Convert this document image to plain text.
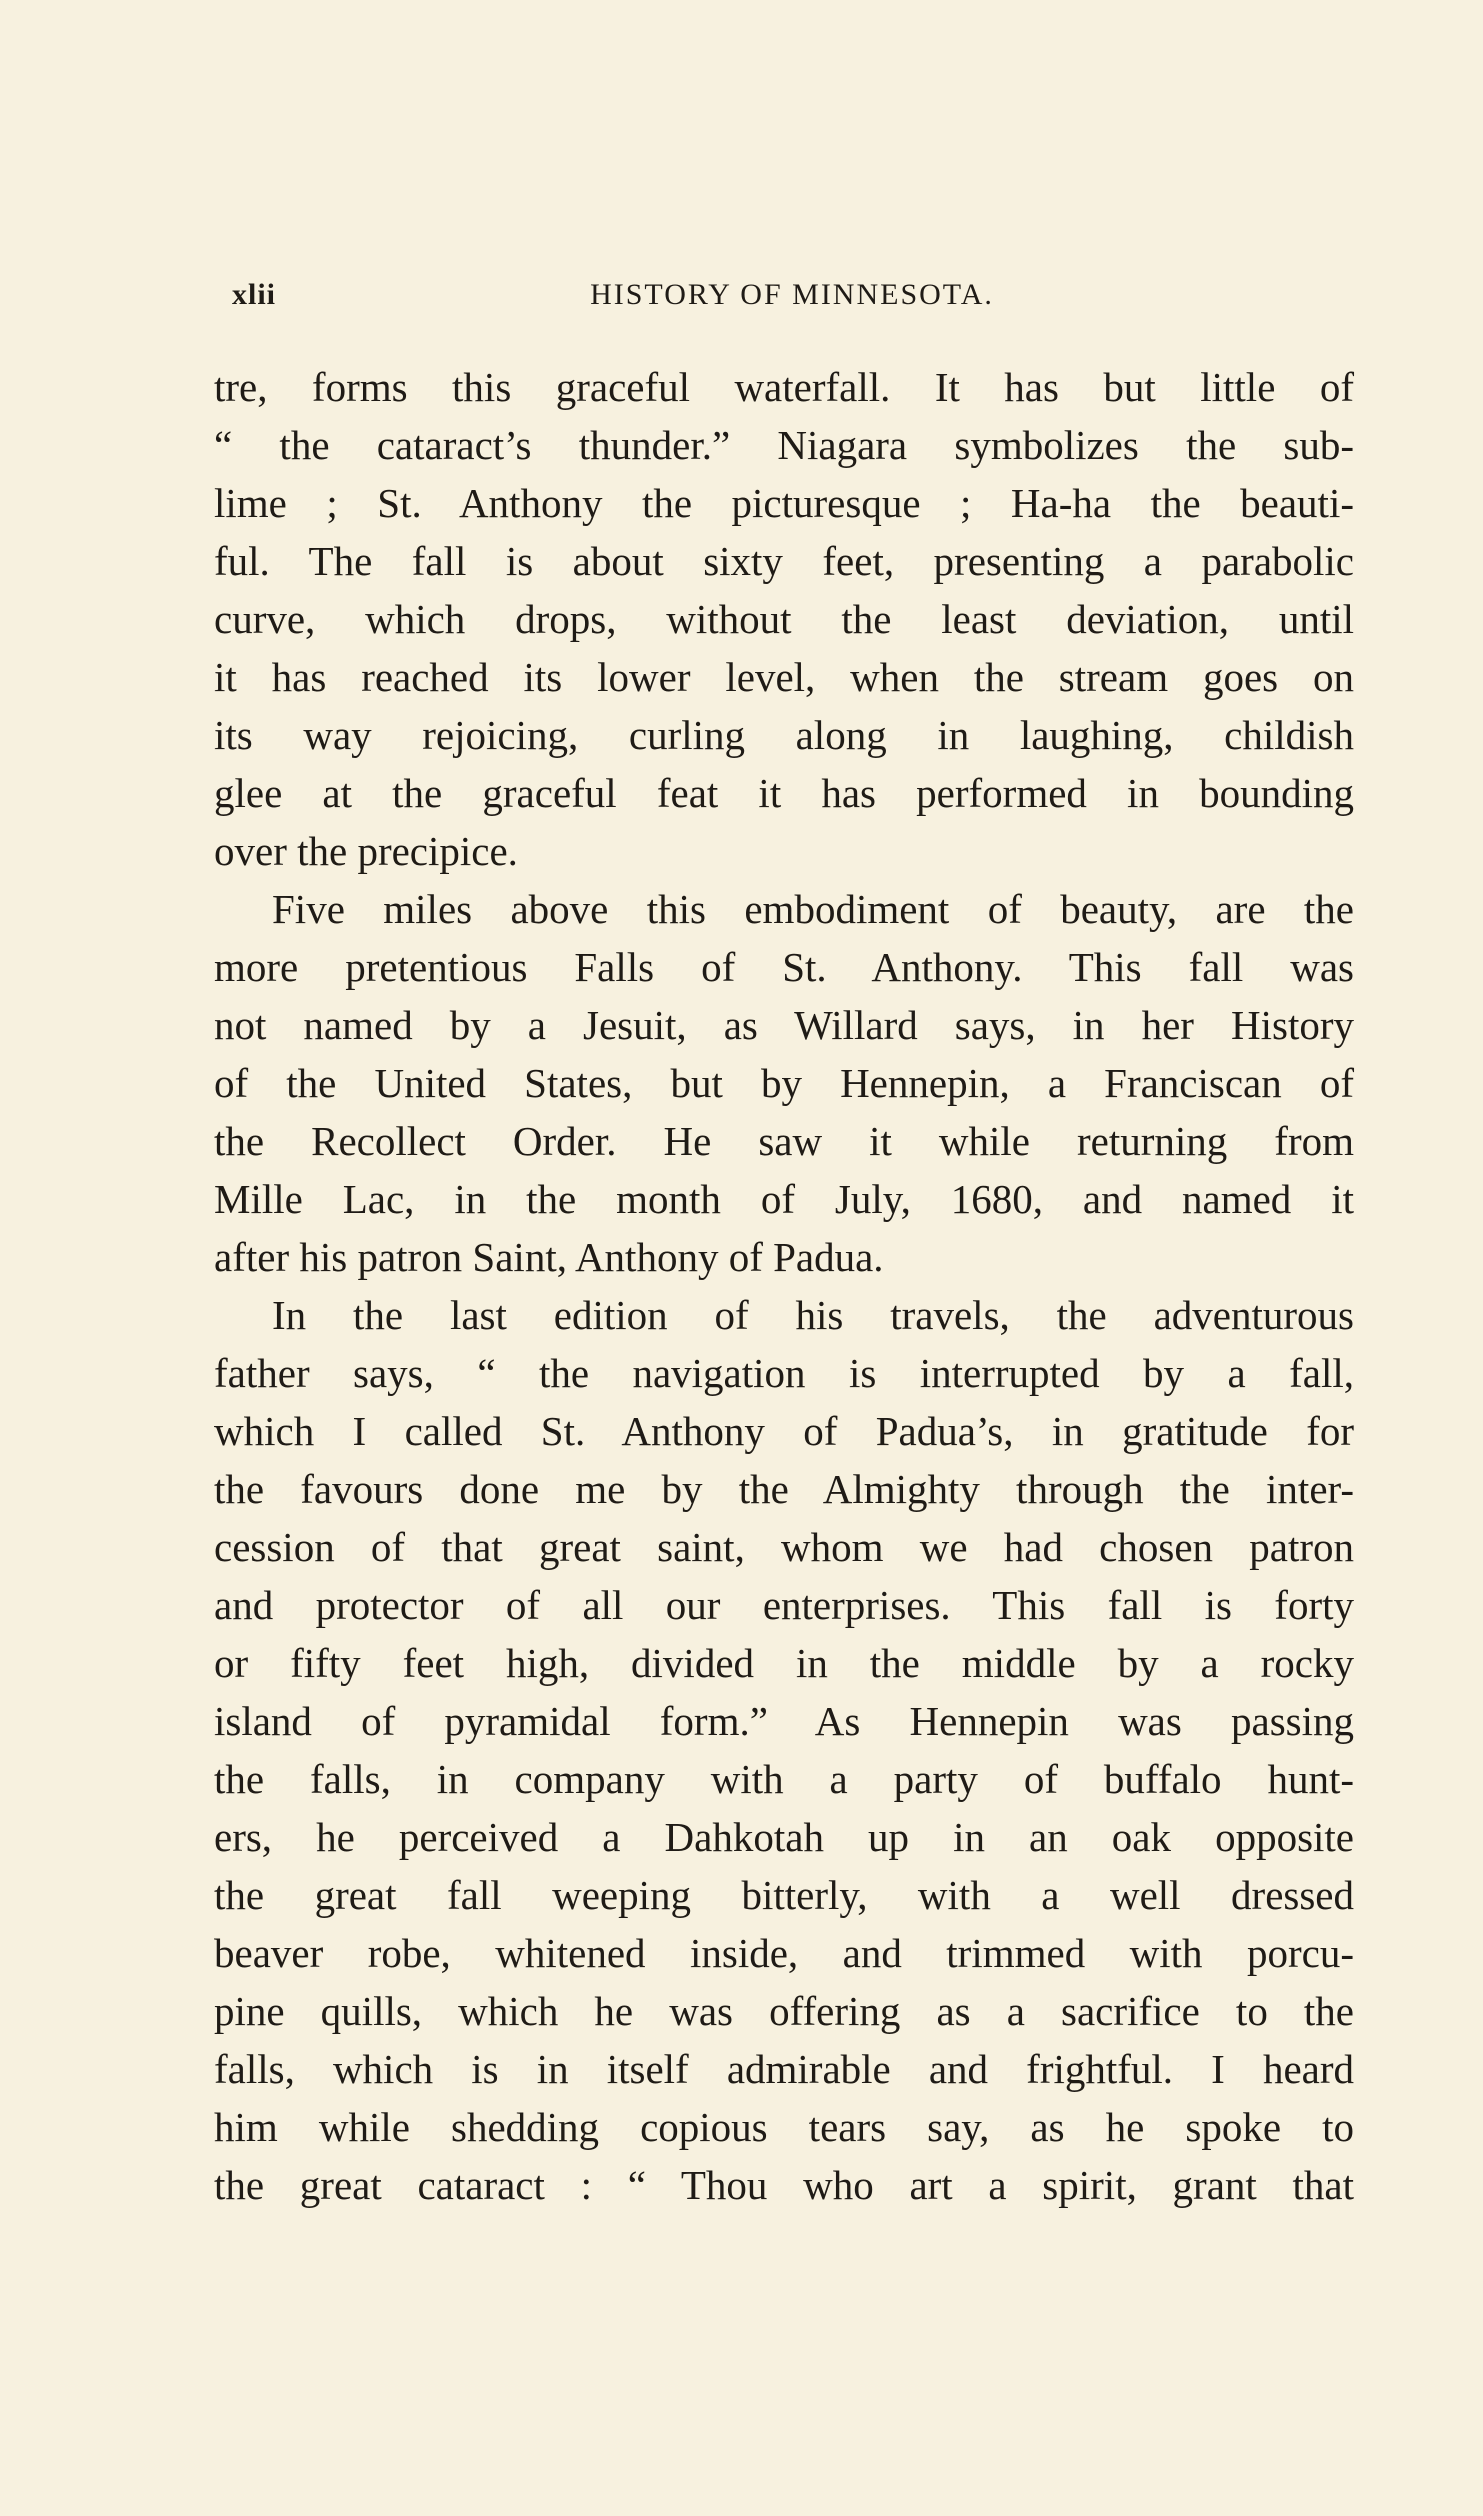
xlii	HISTORY OF MINNESOTA.
tre, forms this graceful waterfall. It has but little of
“ the cataract’s thunder.” Niagara symbolizes the sub-
lime ; St. Anthony the picturesque ; Ha-ha the beauti-
ful. The fall is about sixty feet, presenting a parabolic
curve, which drops, without the least deviation, until
it has reached its lower level, when the stream goes on
its way rejoicing, curling along in laughing, childish
glee at the graceful feat it has performed in bounding
over the precipice.
Five miles above this embodiment of beauty, are the
more pretentious Falls of St. Anthony. This fall was
not named by a Jesuit, as Willard says, in her History
of the United States, but by Hennepin, a Franciscan of
the Recollect Order. He saw it while returning from
Mille Lac, in the month of July, 1680, and named it
after his patron Saint, Anthony of Padua.
In the last edition of his travels, the adventurous
father says, “ the navigation is interrupted by a fall,
which I called St. Anthony of Padua’s, in gratitude for
the favours done me by the Almighty through the inter-
cession of that great saint, whom we had chosen patron
and protector of all our enterprises. This fall is forty
or fifty feet high, divided in the middle by a rocky
island of pyramidal form.” As Hennepin was passing
the falls, in company with a party of buffalo hunt-
ers, he perceived a Dahkotah up in an oak opposite
the great fall weeping bitterly, with a well dressed
beaver robe, whitened inside, and trimmed with porcu-
pine quills, which he was offering as a sacrifice to the
falls, which is in itself admirable and frightful. I heard
him while shedding copious tears say, as he spoke to
the great cataract : “ Thou who art a spirit, grant that
